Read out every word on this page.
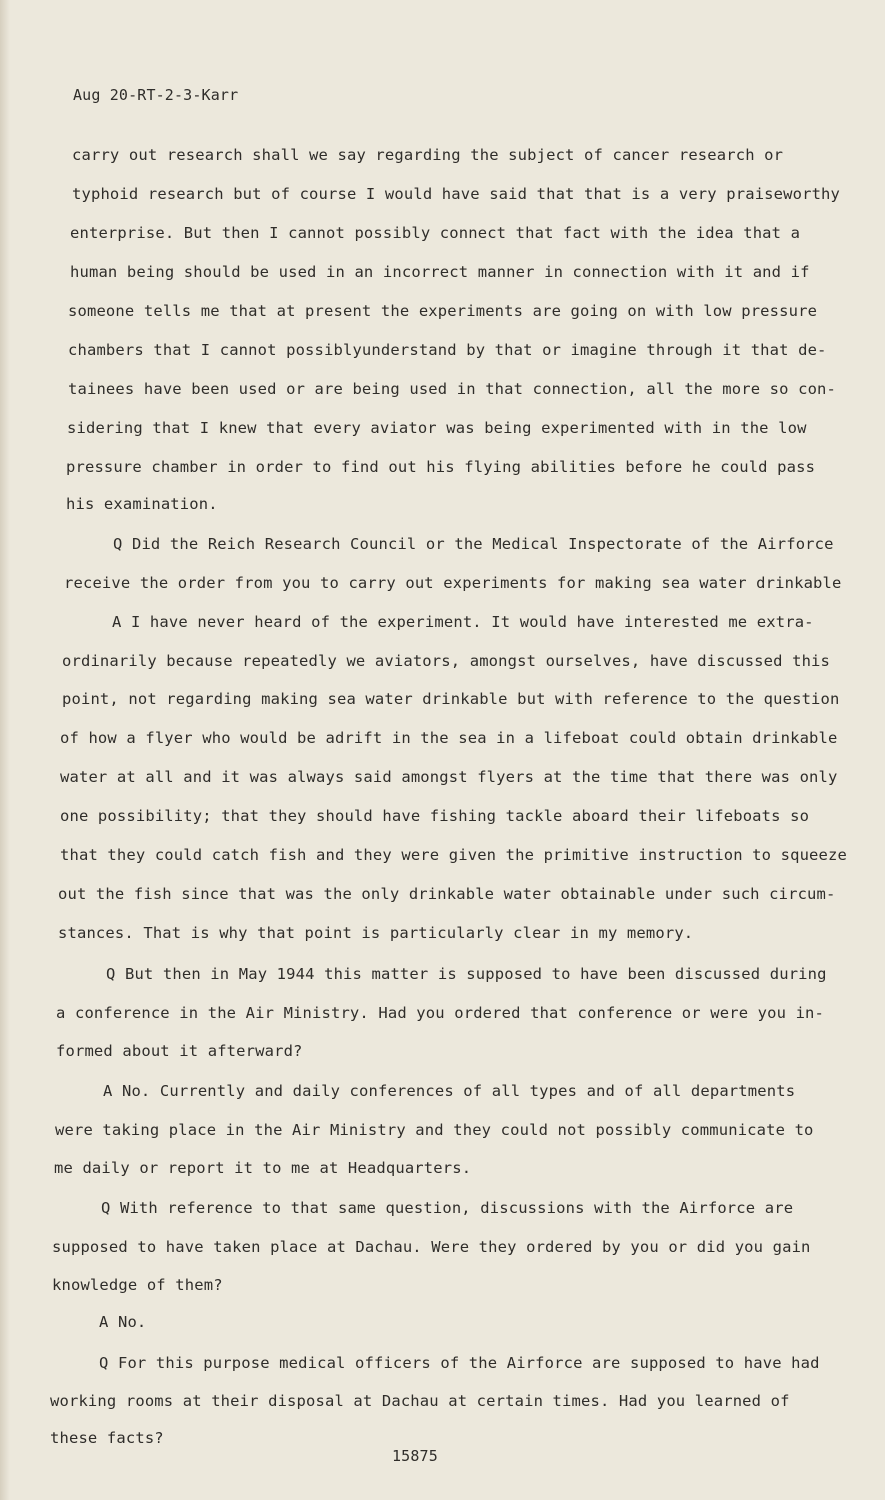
Aug 20-RT-2-3-Karr
carry out research shall we say regarding the subject of cancer research or
typhoid research but of course I would have said that that is a very praiseworthy
enterprise. But then I cannot possibly connect that fact with the idea that a
human being should be used in an incorrect manner in connection with it and if
someone tells me that at present the experiments are going on with low pressure
chambers that I cannot possiblyunderstand by that or imagine through it that de-
tainees have been used or are being used in that connection, all the more so con-
sidering that I knew that every aviator was being experimented with in the low
pressure chamber in order to find out his flying abilities before he could pass
his examination.
Q Did the Reich Research Council or the Medical Inspectorate of the Airforce
receive the order from you to carry out experiments for making sea water drinkable
A I have never heard of the experiment. It would have interested me extra-
ordinarily because repeatedly we aviators, amongst ourselves, have discussed this
point, not regarding making sea water drinkable but with reference to the question
of how a flyer who would be adrift in the sea in a lifeboat could obtain drinkable
water at all and it was always said amongst flyers at the time that there was only
one possibility; that they should have fishing tackle aboard their lifeboats so
that they could catch fish and they were given the primitive instruction to squeeze
out the fish since that was the only drinkable water obtainable under such circum-
stances. That is why that point is particularly clear in my memory.
Q But then in May 1944 this matter is supposed to have been discussed during
a conference in the Air Ministry. Had you ordered that conference or were you in-
formed about it afterward?
A No. Currently and daily conferences of all types and of all departments
were taking place in the Air Ministry and they could not possibly communicate to
me daily or report it to me at Headquarters.
Q With reference to that same question, discussions with the Airforce are
supposed to have taken place at Dachau. Were they ordered by you or did you gain
knowledge of them?
A No.
Q For this purpose medical officers of the Airforce are supposed to have had
working rooms at their disposal at Dachau at certain times. Had you learned of
these facts?
15875
